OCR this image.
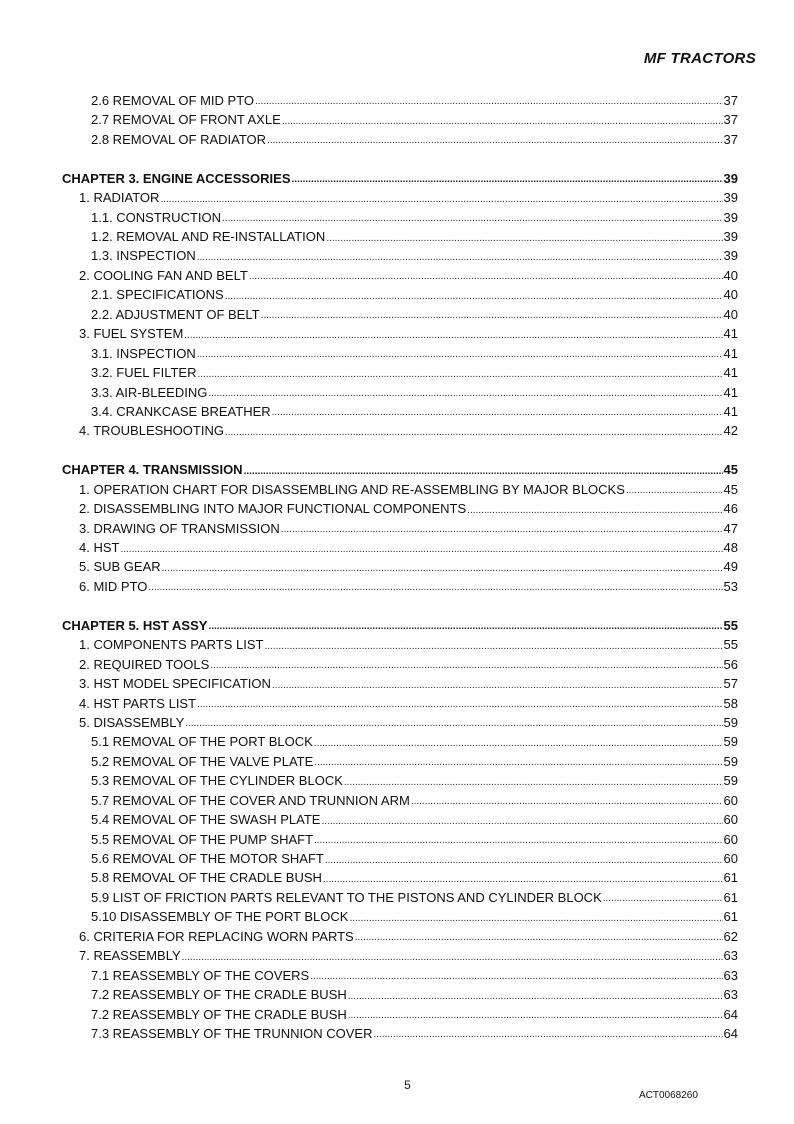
MF TRACTORS
2.6 REMOVAL OF MID PTO .....	37
2.7 REMOVAL OF FRONT AXLE .....	37
2.8 REMOVAL OF RADIATOR .....	37
CHAPTER 3. ENGINE ACCESSORIES .....	39
1. RADIATOR .....	39
1.1. CONSTRUCTION .....	39
1.2. REMOVAL AND RE-INSTALLATION .....	39
1.3. INSPECTION .....	39
2. COOLING FAN AND BELT .....	40
2.1. SPECIFICATIONS .....	40
2.2. ADJUSTMENT OF BELT .....	40
3. FUEL SYSTEM .....	41
3.1. INSPECTION .....	41
3.2. FUEL FILTER .....	41
3.3. AIR-BLEEDING .....	41
3.4. CRANKCASE BREATHER .....	41
4. TROUBLESHOOTING .....	42
CHAPTER 4. TRANSMISSION .....	45
1. OPERATION CHART FOR DISASSEMBLING AND RE-ASSEMBLING BY MAJOR BLOCKS .....	45
2. DISASSEMBLING INTO MAJOR FUNCTIONAL COMPONENTS .....	46
3. DRAWING OF TRANSMISSION .....	47
4. HST .....	48
5. SUB GEAR .....	49
6. MID PTO .....	53
CHAPTER 5. HST ASSY .....	55
1. COMPONENTS PARTS LIST .....	55
2. REQUIRED TOOLS .....	56
3. HST MODEL SPECIFICATION .....	57
4. HST PARTS LIST .....	58
5. DISASSEMBLY .....	59
5.1 REMOVAL OF THE PORT BLOCK .....	59
5.2 REMOVAL OF THE VALVE PLATE .....	59
5.3 REMOVAL OF THE CYLINDER BLOCK .....	59
5.7 REMOVAL OF THE COVER AND TRUNNION ARM .....	60
5.4 REMOVAL OF THE SWASH PLATE .....	60
5.5 REMOVAL OF THE PUMP SHAFT .....	60
5.6 REMOVAL OF THE MOTOR SHAFT .....	60
5.8 REMOVAL OF THE CRADLE BUSH .....	61
5.9 LIST OF FRICTION PARTS RELEVANT TO THE PISTONS AND CYLINDER BLOCK .....	61
5.10 DISASSEMBLY OF THE PORT BLOCK .....	61
6. CRITERIA FOR REPLACING WORN PARTS .....	62
7. REASSEMBLY .....	63
7.1 REASSEMBLY OF THE COVERS .....	63
7.2 REASSEMBLY OF THE CRADLE BUSH .....	63
7.2 REASSEMBLY OF THE CRADLE BUSH .....	64
7.3 REASSEMBLY OF THE TRUNNION COVER .....	64
5
ACT0068260
